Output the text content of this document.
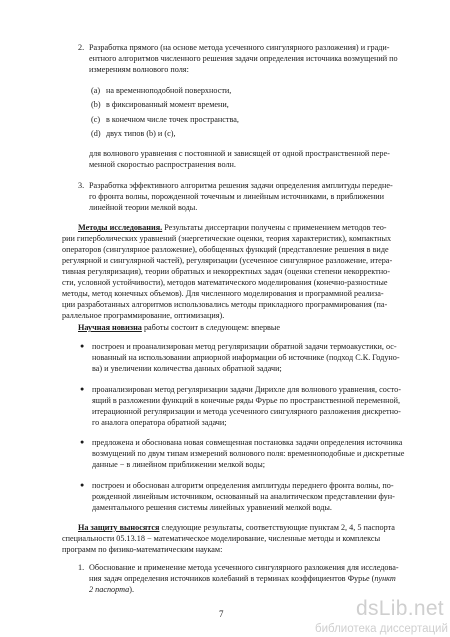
2. Разработка прямого (на основе метода усеченного сингулярного разложения) и гради-
ентного алгоритмов численного решения задачи определения источника возмущений по
измерениям волнового поля:
(a) на временноподобной поверхности,
(b) в фиксированный момент времени,
(c) в конечном числе точек пространства,
(d) двух типов (b) и (c),
для волнового уравнения с постоянной и зависящей от одной пространственной пере-
менной скоростью распространения волн.
3. Разработка эффективного алгоритма решения задачи определения амплитуды передне-
го фронта волны, порожденной точечным и линейным источниками, в приближении
линейной теории мелкой воды.
Методы исследования. Результаты диссертации получены с применением методов тео-
рии гиперболических уравнений (энергетические оценки, теория характеристик), компактных
операторов (сингулярное разложение), обобщенных функций (представление решения в виде
регулярной и сингулярной частей), регуляризации (усеченное сингулярное разложение, итера-
тивная регуляризация), теории обратных и некорректных задач (оценки степени некорректно-
сти, условной устойчивости), методов математического моделирования (конечно-разностные
методы, метод конечных объемов). Для численного моделирования и программной реализа-
ции разработанных алгоритмов использовались методы прикладного программирования (па-
раллельное программирование, оптимизация).
Научная новизна работы состоит в следующем: впервые
● построен и проанализирован метод регуляризации обратной задачи термоакустики, ос-
нованный на использовании априорной информации об источнике (подход С.К. Годуно-
ва) и увеличении количества данных обратной задачи;
● проанализирован метод регуляризации задачи Дирихле для волнового уравнения, состо-
ящий в разложении функций в конечные ряды Фурье по пространственной переменной,
итерационной регуляризации и метода усеченного сингулярного разложения дискретно-
го аналога оператора обратной задачи;
● предложена и обоснована новая совмещенная постановка задачи определения источника
возмущений по двум типам измерений волнового поля: временноподобные и дискретные
данные − в линейном приближении мелкой воды;
● построен и обоснован алгоритм определения амплитуды переднего фронта волны, по-
рожденной линейным источником, основанный на аналитическом представлении фун-
даментального решения системы линейных уравнений мелкой воды.
На защиту выносятся следующие результаты, соответствующие пунктам 2, 4, 5 паспорта
специальности 05.13.18 − математическое моделирование, численные методы и комплексы
программ по физико-математическим наукам:
1. Обоснование и применение метода усеченного сингулярного разложения для исследова-
ния задач определения источников колебаний в терминах коэффициентов Фурье (пункт
2 паспорта).
7	dsLib.net
библиотека диссертаций
